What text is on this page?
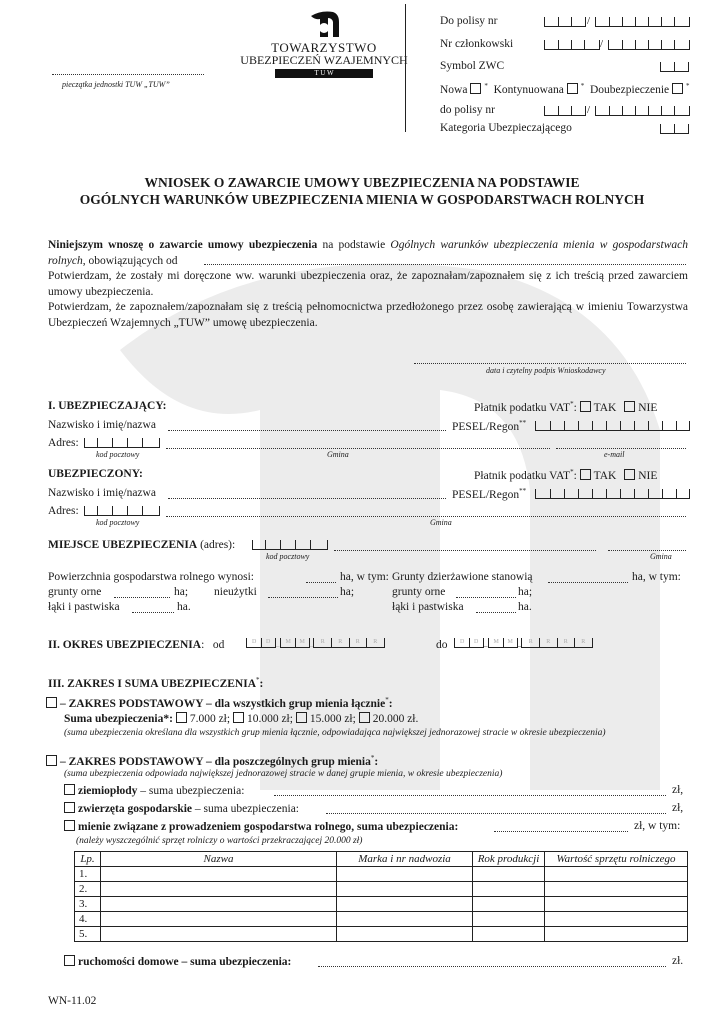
pieczątka jednostki TUW „TUW”
TOWARZYSTWO
UBEZPIECZEŃ WZAJEMNYCH
T U W
Do polisy nr	/
Nr członkowski	/
Symbol ZWC
Nowa * Kontynuowana * Doubezpieczenie *
do polisy nr	/
Kategoria Ubezpieczającego
WNIOSEK O ZAWARCIE UMOWY UBEZPIECZENIA NA PODSTAWIE
OGÓLNYCH WARUNKÓW UBEZPIECZENIA MIENIA W GOSPODARSTWACH ROLNYCH
Niniejszym wnoszę o zawarcie umowy ubezpieczenia na podstawie Ogólnych warunków ubezpieczenia mienia w gospodarstwach rolnych, obowiązujących od
Potwierdzam, że zostały mi doręczone ww. warunki ubezpieczenia oraz, że zapoznałam/zapoznałem się z ich treścią przed zawarciem umowy ubezpieczenia.
Potwierdzam, że zapoznałem/zapoznałam się z treścią pełnomocnictwa przedłożonego przez osobę zawierającą w imieniu Towarzystwa Ubezpieczeń Wzajemnych „TUW” umowę ubezpieczenia.
data i czytelny podpis Wnioskodawcy
I. UBEZPIECZAJĄCY:	Płatnik podatku VAT*: TAK NIE
Nazwisko i imię/nazwa	PESEL/Regon**
Adres:
kod pocztowy	Gmina	e-mail
UBEZPIECZONY:	Płatnik podatku VAT*: TAK NIE
Nazwisko i imię/nazwa	PESEL/Regon**
Adres:
kod pocztowy	Gmina
MIEJSCE UBEZPIECZENIA (adres):
kod pocztowy	Gmina
Powierzchnia gospodarstwa rolnego wynosi:	ha, w tym:
grunty orne	ha; nieużytki	ha;
łąki i pastwiska	ha.
Grunty dzierżawione stanowią	ha, w tym:
grunty orne	ha;
łąki i pastwiska	ha.
II. OKRES UBEZPIECZENIA:   od	D D – M M – R R R R	do D D – M M – R R R R
III. ZAKRES I SUMA UBEZPIECZENIA*:
– ZAKRES PODSTAWOWY – dla wszystkich grup mienia łącznie*:
Suma ubezpieczenia*: 7.000 zł; 10.000 zł; 15.000 zł; 20.000 zł.
(suma ubezpieczenia określana dla wszystkich grup mienia łącznie, odpowiadająca największej jednorazowej stracie w okresie ubezpieczenia)
– ZAKRES PODSTAWOWY – dla poszczególnych grup mienia*:
(suma ubezpieczenia odpowiada największej jednorazowej stracie w danej grupie mienia, w okresie ubezpieczenia)
ziemiopłody – suma ubezpieczenia:	zł,
zwierzęta gospodarskie – suma ubezpieczenia:	zł,
mienie związane z prowadzeniem gospodarstwa rolnego, suma ubezpieczenia:	zł, w tym:
(należy wyszczególnić sprzęt rolniczy o wartości przekraczającej 20.000 zł)
Lp.	Nazwa	Marka i nr nadwozia	Rok produkcji	Wartość sprzętu rolniczego
1.				
2.				
3.				
4.				
5.				
ruchomości domowe – suma ubezpieczenia:	zł.
WN-11.02
